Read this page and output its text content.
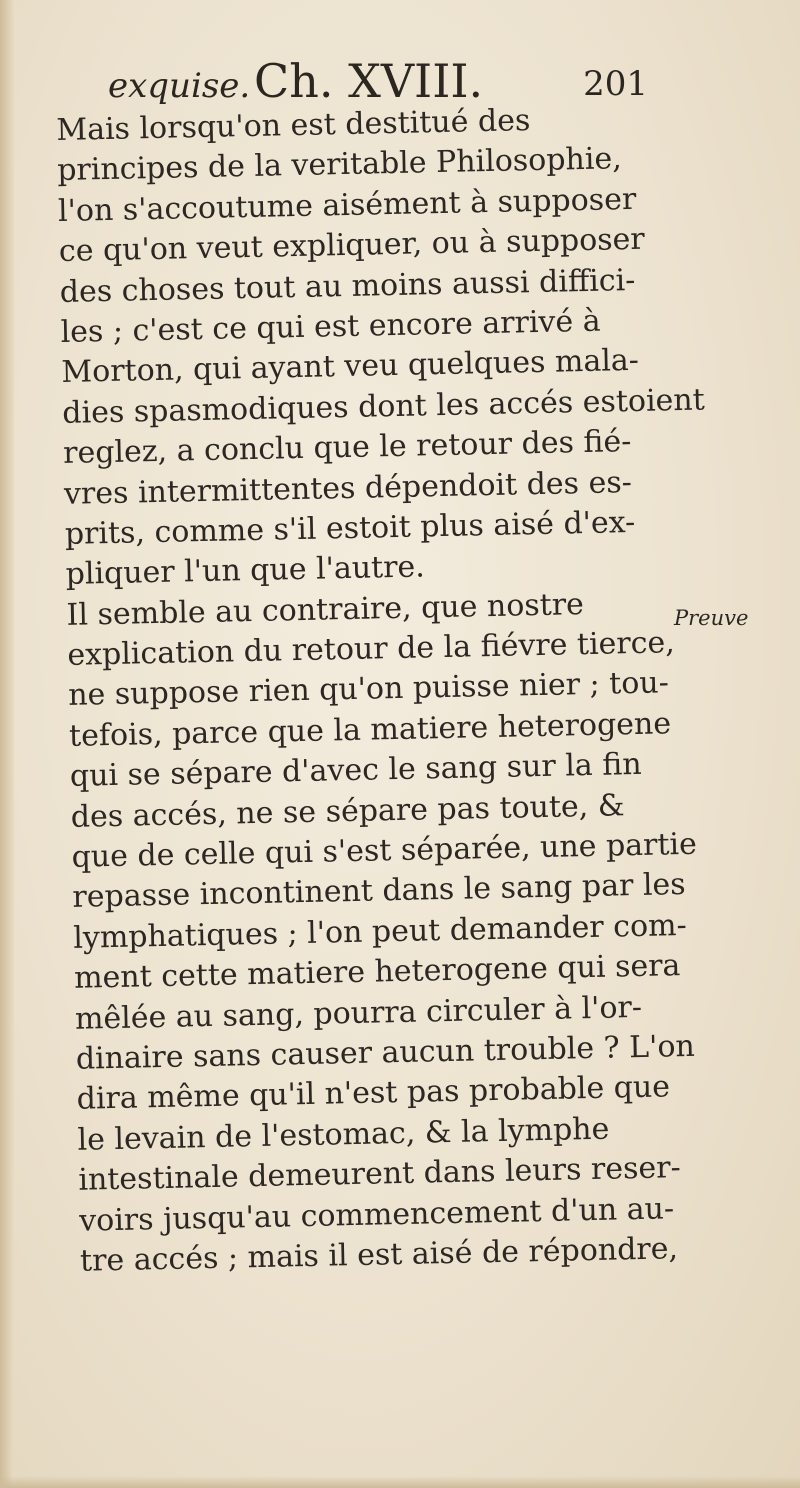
exquise. Ch. XVIII.	201
Mais lorsqu'on est destitué des
principes de la veritable Philosophie,
l'on s'accoutume aisément à supposer
ce qu'on veut expliquer, ou à supposer
des choses tout au moins aussi diffici-
les ; c'est ce qui est encore arrivé à
Morton, qui ayant veu quelques mala-
dies spasmodiques dont les accés estoient
reglez, a conclu que le retour des fié-
vres intermittentes dépendoit des es-
prits, comme s'il estoit plus aisé d'ex-
pliquer l'un que l'autre.
Il semble au contraire, que nostre
explication du retour de la fiévre tierce,
ne suppose rien qu'on puisse nier ; tou-
tefois, parce que la matiere heterogene
qui se sépare d'avec le sang sur la fin
des accés, ne se sépare pas toute, &
que de celle qui s'est séparée, une partie
repasse incontinent dans le sang par les
lymphatiques ; l'on peut demander com-
ment cette matiere heterogene qui sera
mêlée au sang, pourra circuler à l'or-
dinaire sans causer aucun trouble ? L'on
dira même qu'il n'est pas probable que
le levain de l'estomac, & la lymphe
intestinale demeurent dans leurs reser-
voirs jusqu'au commencement d'un au-
tre accés ; mais il est aisé de répondre,
Preuve
